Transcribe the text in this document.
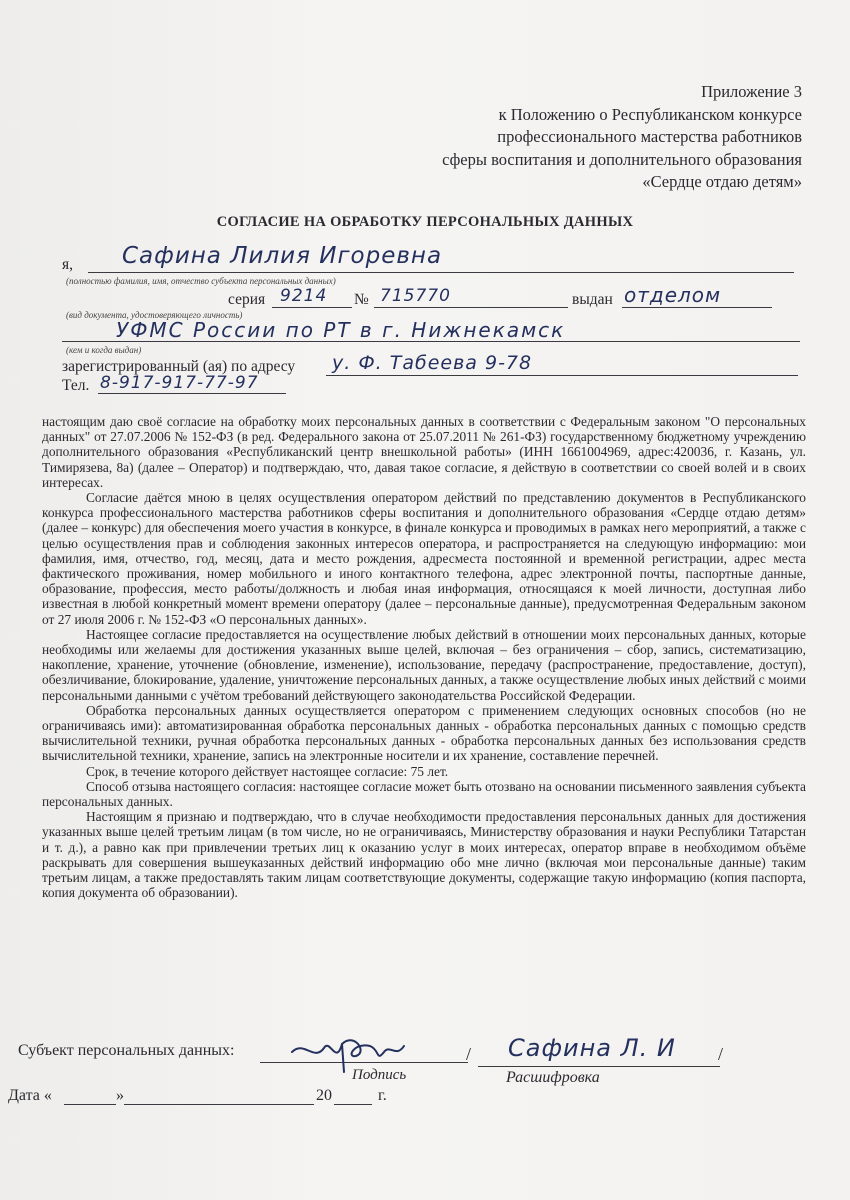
Приложение 3
к Положению о Республиканском конкурсе
профессионального мастерства работников
сферы воспитания и дополнительного образования
«Сердце отдаю детям»
СОГЛАСИЕ НА ОБРАБОТКУ ПЕРСОНАЛЬНЫХ ДАННЫХ
я, Сафина Лилия Игоревна
(полностью фамилия, имя, отчество субъекта персональных данных)
серия 9214 № 715770	выдан отделом
(вид документа, удостоверяющего личность)
УФМС России по РТ в г. Нижнекамск
(кем и когда выдан)
зарегистрированный (ая) по адресу у. Ф. Табеева 9-78
Тел. 8-917-917-77-97

настоящим даю своё согласие на обработку моих персональных данных в соответствии с Федеральным законом "О персональных данных" от 27.07.2006 № 152-ФЗ (в ред. Федерального закона от 25.07.2011 № 261-ФЗ) государственному бюджетному учреждению дополнительного образования «Республиканский центр внешкольной работы» (ИНН 1661004969, адрес:420036, г. Казань, ул. Тимирязева, 8а) (далее – Оператор) и подтверждаю, что, давая такое согласие, я действую в соответствии со своей волей и в своих интересах.

Согласие даётся мною в целях осуществления оператором действий по представлению документов в Республиканского конкурса профессионального мастерства работников сферы воспитания и дополнительного образования «Сердце отдаю детям» (далее – конкурс) для обеспечения моего участия в конкурсе, в финале конкурса и проводимых в рамках него мероприятий, а также с целью осуществления прав и соблюдения законных интересов оператора, и распространяется на следующую информацию: мои фамилия, имя, отчество, год, месяц, дата и место рождения, адресместа постоянной и временной регистрации, адрес места фактического проживания, номер мобильного и иного контактного телефона, адрес электронной почты, паспортные данные, образование, профессия, место работы/должность и любая иная информация, относящаяся к моей личности, доступная либо известная в любой конкретный момент времени оператору (далее – персональные данные), предусмотренная Федеральным законом от 27 июля 2006 г. № 152-ФЗ «О персональных данных».

Настоящее согласие предоставляется на осуществление любых действий в отношении моих персональных данных, которые необходимы или желаемы для достижения указанных выше целей, включая – без ограничения – сбор, запись, систематизацию, накопление, хранение, уточнение (обновление, изменение), использование, передачу (распространение, предоставление, доступ), обезличивание, блокирование, удаление, уничтожение персональных данных, а также осуществление любых иных действий с моими персональными данными с учётом требований действующего законодательства Российской Федерации.

Обработка персональных данных осуществляется оператором с применением следующих основных способов (но не ограничиваясь ими): автоматизированная обработка персональных данных - обработка персональных данных с помощью средств вычислительной техники, ручная обработка персональных данных - обработка персональных данных без использования средств вычислительной техники, хранение, запись на электронные носители и их хранение, составление перечней.

Срок, в течение которого действует настоящее согласие: 75 лет.

Способ отзыва настоящего согласия: настоящее согласие может быть отозвано на основании письменного заявления субъекта персональных данных.

Настоящим я признаю и подтверждаю, что в случае необходимости предоставления персональных данных для достижения указанных выше целей третьим лицам (в том числе, но не ограничиваясь, Министерству образования и науки Республики Татарстан и т. д.), а равно как при привлечении третьих лиц к оказанию услуг в моих интересах, оператор вправе в необходимом объёме раскрывать для совершения вышеуказанных действий информацию обо мне лично (включая мои персональные данные) таким третьим лицам, а также предоставлять таким лицам соответствующие документы, содержащие такую информацию (копия паспорта, копия документа об образовании).

Субъект персональных данных:
Подпись
/ Сафина Л. И /
Расшифровка
Дата «	»	20	г.
